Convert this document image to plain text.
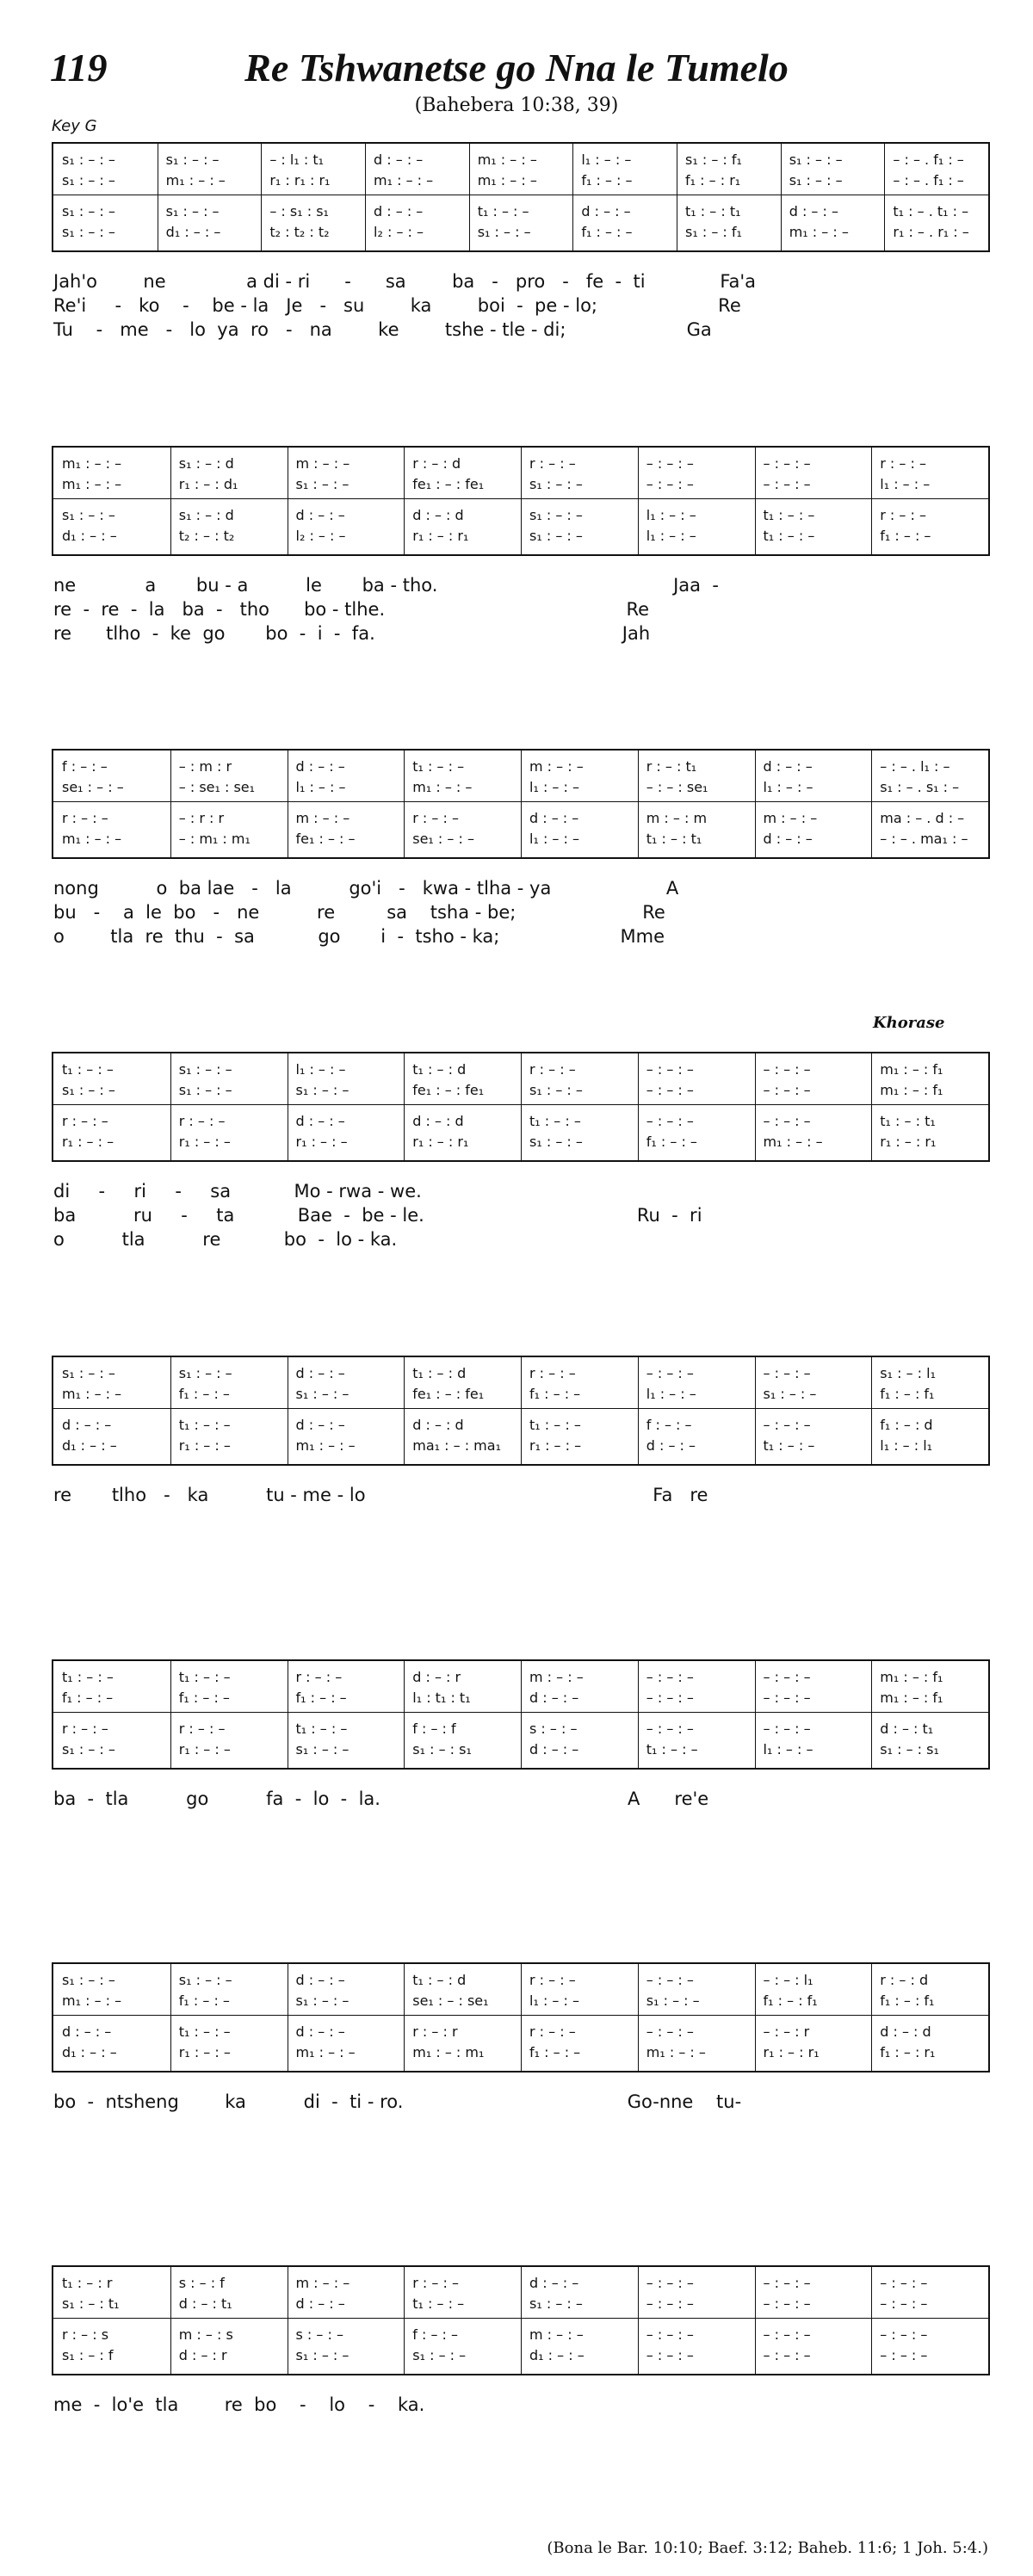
119	Re Tshwanetse go Nna le Tumelo
(Bahebera 10:38, 39)
Key G
Khorase
s₁ : – : –	s₁ : – : –	– : l₁ : t₁	d : – : –	m₁ : – : –	l₁ : – : –	s₁ : – : f₁	s₁ : – : –	– : – . f₁ : –
s₁ : – : –	m₁ : – : –	r₁ : r₁ : r₁	m₁ : – : –	m₁ : – : –	f₁ : – : –	f₁ : – : r₁	s₁ : – : –	– : – . f₁ : –
s₁ : – : –	s₁ : – : –	– : s₁ : s₁	d : – : –	t₁ : – : –	d : – : –	t₁ : – : t₁	d : – : –	t₁ : – . t₁ : –
s₁ : – : –	d₁ : – : –	t₂ : t₂ : t₂	l₂ : – : –	s₁ : – : –	f₁ : – : –	s₁ : – : f₁	m₁ : – : –	r₁ : – . r₁ : –
Jah'o        ne              a di - ri      -      sa        ba   -   pro   -   fe  -  ti             Fa'a
Re'i     -   ko    -    be - la   Je   -   su        ka        boi  -  pe - lo;                     Re
Tu    -   me   -   lo  ya  ro   -   na        ke        tshe - tle - di;                     Ga
m₁ : – : –	s₁ : – : d	m : – : –	r : – : d	r : – : –	– : – : –	– : – : –	r : – : –
m₁ : – : –	r₁ : – : d₁	s₁ : – : –	fe₁ : – : fe₁	s₁ : – : –	– : – : –	– : – : –	l₁ : – : –
s₁ : – : –	s₁ : – : d	d : – : –	d : – : d	s₁ : – : –	l₁ : – : –	t₁ : – : –	r : – : –
d₁ : – : –	t₂ : – : t₂	l₂ : – : –	r₁ : – : r₁	s₁ : – : –	l₁ : – : –	t₁ : – : –	f₁ : – : –
ne            a       bu - a          le       ba - tho.                                         Jaa  -
re  -  re  -  la   ba  -   tho      bo - tlhe.                                          Re
re      tlho  -  ke  go       bo  -  i  -  fa.                                           Jah
f : – : –	– : m : r	d : – : –	t₁ : – : –	m : – : –	r : – : t₁	d : – : –	– : – . l₁ : –
se₁ : – : –	– : se₁ : se₁	l₁ : – : –	m₁ : – : –	l₁ : – : –	– : – : se₁	l₁ : – : –	s₁ : – . s₁ : –
r : – : –	– : r : r	m : – : –	r : – : –	d : – : –	m : – : m	m : – : –	ma : – . d : –
m₁ : – : –	– : m₁ : m₁	fe₁ : – : –	se₁ : – : –	l₁ : – : –	t₁ : – : t₁	d : – : –	– : – . ma₁ : –
nong          o  ba lae   -   la          go'i   -   kwa - tlha - ya                    A
bu   -    a  le  bo   -   ne          re         sa    tsha - be;                      Re
o        tla  re  thu  -  sa           go       i  -  tsho - ka;                     Mme
t₁ : – : –	s₁ : – : –	l₁ : – : –	t₁ : – : d	r : – : –	– : – : –	– : – : –	m₁ : – : f₁
s₁ : – : –	s₁ : – : –	s₁ : – : –	fe₁ : – : fe₁	s₁ : – : –	– : – : –	– : – : –	m₁ : – : f₁
r : – : –	r : – : –	d : – : –	d : – : d	t₁ : – : –	– : – : –	– : – : –	t₁ : – : t₁
r₁ : – : –	r₁ : – : –	r₁ : – : –	r₁ : – : r₁	s₁ : – : –	f₁ : – : –	m₁ : – : –	r₁ : – : r₁
di     -     ri     -     sa           Mo - rwa - we.
ba          ru     -     ta           Bae  -  be - le.                                     Ru  -  ri
o          tla          re           bo  -  lo - ka.
s₁ : – : –	s₁ : – : –	d : – : –	t₁ : – : d	r : – : –	– : – : –	– : – : –	s₁ : – : l₁
m₁ : – : –	f₁ : – : –	s₁ : – : –	fe₁ : – : fe₁	f₁ : – : –	l₁ : – : –	s₁ : – : –	f₁ : – : f₁
d : – : –	t₁ : – : –	d : – : –	d : – : d	t₁ : – : –	f : – : –	– : – : –	f₁ : – : d
d₁ : – : –	r₁ : – : –	m₁ : – : –	ma₁ : – : ma₁	r₁ : – : –	d : – : –	t₁ : – : –	l₁ : – : l₁
re       tlho   -   ka          tu - me - lo                                                  Fa   re
t₁ : – : –	t₁ : – : –	r : – : –	d : – : r	m : – : –	– : – : –	– : – : –	m₁ : – : f₁
f₁ : – : –	f₁ : – : –	f₁ : – : –	l₁ : t₁ : t₁	d : – : –	– : – : –	– : – : –	m₁ : – : f₁
r : – : –	r : – : –	t₁ : – : –	f : – : f	s : – : –	– : – : –	– : – : –	d : – : t₁
s₁ : – : –	r₁ : – : –	s₁ : – : –	s₁ : – : s₁	d : – : –	t₁ : – : –	l₁ : – : –	s₁ : – : s₁
ba  -  tla          go          fa  -  lo  -  la.                                           A      re'e
s₁ : – : –	s₁ : – : –	d : – : –	t₁ : – : d	r : – : –	– : – : –	– : – : l₁	r : – : d
m₁ : – : –	f₁ : – : –	s₁ : – : –	se₁ : – : se₁	l₁ : – : –	s₁ : – : –	f₁ : – : f₁	f₁ : – : f₁
d : – : –	t₁ : – : –	d : – : –	r : – : r	r : – : –	– : – : –	– : – : r	d : – : d
d₁ : – : –	r₁ : – : –	m₁ : – : –	m₁ : – : m₁	f₁ : – : –	m₁ : – : –	r₁ : – : r₁	f₁ : – : r₁
bo  -  ntsheng        ka          di  -  ti - ro.                                       Go-nne    tu-
t₁ : – : r	s : – : f	m : – : –	r : – : –	d : – : –	– : – : –	– : – : –	– : – : –
s₁ : – : t₁	d : – : t₁	d : – : –	t₁ : – : –	s₁ : – : –	– : – : –	– : – : –	– : – : –
r : – : s	m : – : s	s : – : –	f : – : –	m : – : –	– : – : –	– : – : –	– : – : –
s₁ : – : f	d : – : r	s₁ : – : –	s₁ : – : –	d₁ : – : –	– : – : –	– : – : –	– : – : –
me  -  lo'e  tla        re  bo    -    lo    -    ka.
(Bona le Bar. 10:10; Baef. 3:12; Baheb. 11:6; 1 Joh. 5:4.)
